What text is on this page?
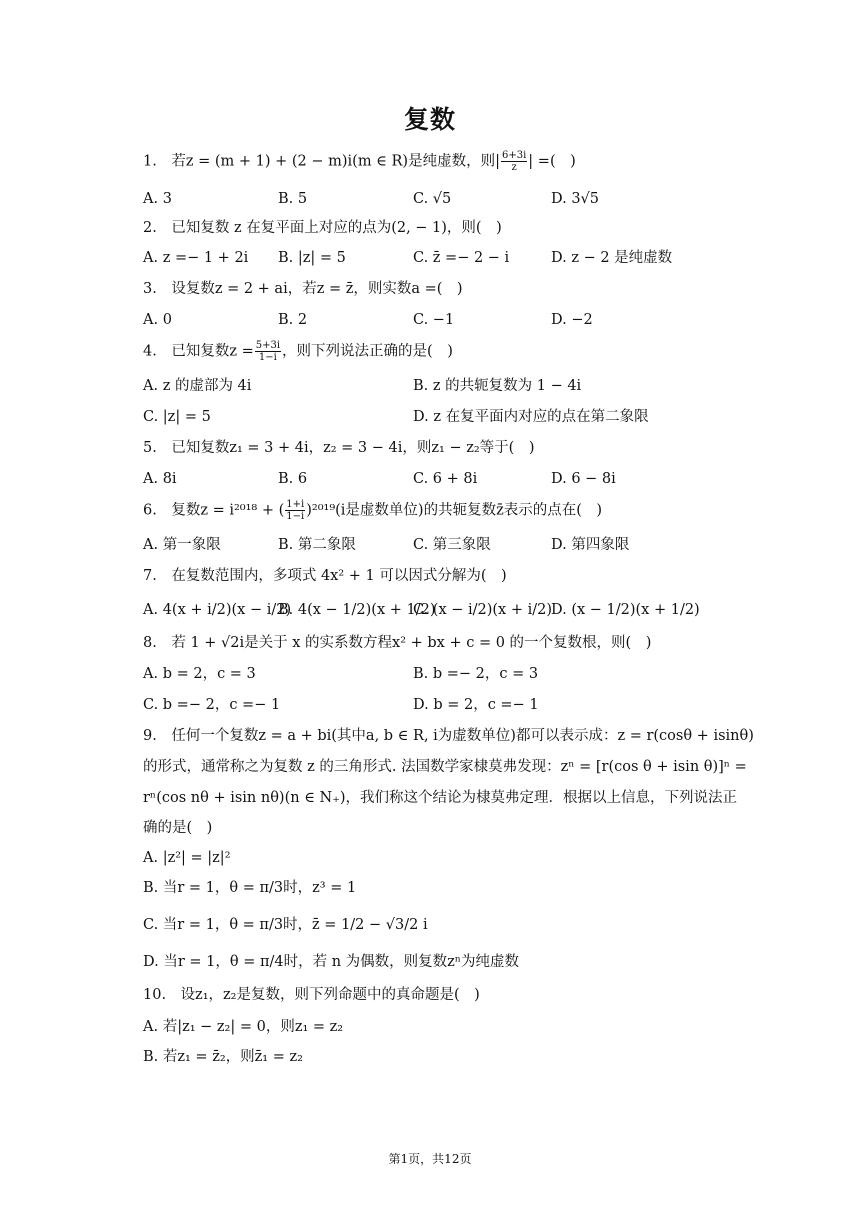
复数
1.　若z = (m + 1) + (2 − m)i(m ∈ R)是纯虚数，则| $\frac{6+3i}{z}$ | =(　)
A. 3	B. 5	C. √5	D. 3√5
2.　已知复数 z 在复平面上对应的点为(2, − 1)，则(　)
A. z =− 1 + 2i B. |z| = 5	C. z̄ =− 2 − i	D. z − 2 是纯虚数
3.　设复数z = 2 + ai，若z = z̄，则实数a =(　)
A. 0	B. 2	C. −1	D. −2
4.　已知复数$z = \frac{5+3i}{1-i}$ ，则下列说法正确的是(　)
A. z 的虚部为 4i	B. z 的共轭复数为 1 − 4i
C. |z| = 5	D. z 在复平面内对应的点在第二象限
5.　已知复数z₁ = 3 + 4i，z₂ = 3 − 4i，则z₁ − z₂等于(　)
A. 8i	B. 6	C. 6 + 8i	D. 6 − 8i
6.　复数z = i²⁰¹⁸ + ( $\frac{1+i}{1-i} )^{2019}(i$是虚数单位)的共轭复数z̄表示的点在(　)
A. 第一象限	B. 第二象限	C. 第三象限	D. 第四象限
7.　在复数范围内，多项式 4x² + 1 可以因式分解为(　)
A. 4(x + i/2)(x − i/2)
B. 4(x − 1/2)(x + 1/2)
C. (x − i/2)(x + i/2)
D. (x − 1/2)(x + 1/2)
8.　若 1 + √2i是关于 x 的实系数方程x² + bx + c = 0 的一个复数根，则(　)
A. b = 2，c = 3	B. b =− 2，c = 3
C. b =− 2，c =− 1	D. b = 2，c =− 1
9.　任何一个复数z = a + bi(其中a, b ∈ R, i为虚数单位)都可以表示成：z = r(cosθ + isinθ)
的形式，通常称之为复数 z 的三角形式. 法国数学家棣莫弗发现：zⁿ = [r(cos θ + isin θ)]ⁿ =
rⁿ(cos nθ + isin nθ)(n ∈ N₊)，我们称这个结论为棣莫弗定理．根据以上信息，下列说法正
确的是(　)
A. |z²| = |z|²
B. 当r = 1，θ = π/3时，z³ = 1
C. 当r = 1，θ = π/3时，z̄ = 1/2 − √3/2 i
D. 当r = 1，θ = π/4时，若 n 为偶数，则复数zⁿ为纯虚数
10.　设z₁，z₂是复数，则下列命题中的真命题是(　)
A. 若|z₁ − z₂| = 0，则z₁ = z₂
B. 若z₁ = z̄₂，则z̄₁ = z₂
第1页，共12页
